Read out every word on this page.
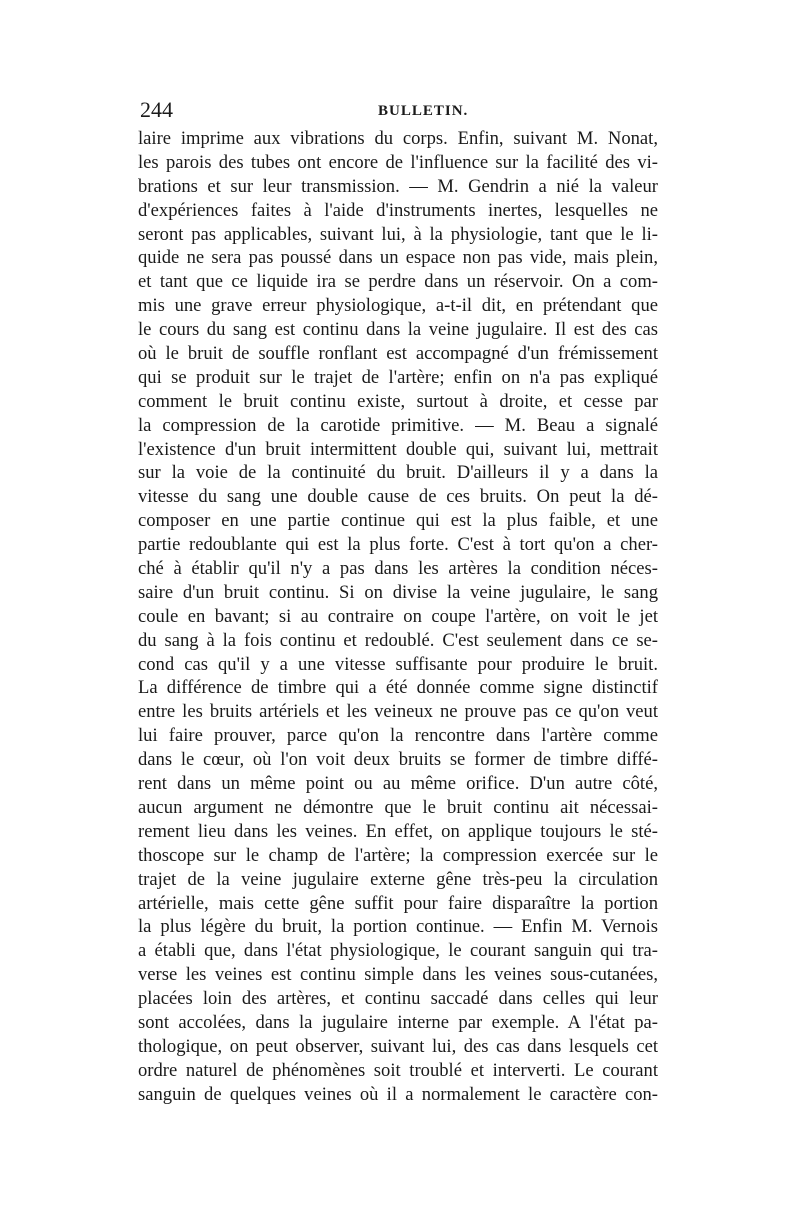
244	BULLETIN.
laire imprime aux vibrations du corps. Enfin, suivant M. Nonat,
les parois des tubes ont encore de l'influence sur la facilité des vi-
brations et sur leur transmission. — M. Gendrin a nié la valeur
d'expériences faites à l'aide d'instruments inertes, lesquelles ne
seront pas applicables, suivant lui, à la physiologie, tant que le li-
quide ne sera pas poussé dans un espace non pas vide, mais plein,
et tant que ce liquide ira se perdre dans un réservoir. On a com-
mis une grave erreur physiologique, a-t-il dit, en prétendant que
le cours du sang est continu dans la veine jugulaire. Il est des cas
où le bruit de souffle ronflant est accompagné d'un frémissement
qui se produit sur le trajet de l'artère; enfin on n'a pas expliqué
comment le bruit continu existe, surtout à droite, et cesse par
la compression de la carotide primitive. — M. Beau a signalé
l'existence d'un bruit intermittent double qui, suivant lui, mettrait
sur la voie de la continuité du bruit. D'ailleurs il y a dans la
vitesse du sang une double cause de ces bruits. On peut la dé-
composer en une partie continue qui est la plus faible, et une
partie redoublante qui est la plus forte. C'est à tort qu'on a cher-
ché à établir qu'il n'y a pas dans les artères la condition néces-
saire d'un bruit continu. Si on divise la veine jugulaire, le sang
coule en bavant; si au contraire on coupe l'artère, on voit le jet
du sang à la fois continu et redoublé. C'est seulement dans ce se-
cond cas qu'il y a une vitesse suffisante pour produire le bruit.
La différence de timbre qui a été donnée comme signe distinctif
entre les bruits artériels et les veineux ne prouve pas ce qu'on veut
lui faire prouver, parce qu'on la rencontre dans l'artère comme
dans le cœur, où l'on voit deux bruits se former de timbre diffé-
rent dans un même point ou au même orifice. D'un autre côté,
aucun argument ne démontre que le bruit continu ait nécessai-
rement lieu dans les veines. En effet, on applique toujours le sté-
thoscope sur le champ de l'artère; la compression exercée sur le
trajet de la veine jugulaire externe gêne très-peu la circulation
artérielle, mais cette gêne suffit pour faire disparaître la portion
la plus légère du bruit, la portion continue. — Enfin M. Vernois
a établi que, dans l'état physiologique, le courant sanguin qui tra-
verse les veines est continu simple dans les veines sous-cutanées,
placées loin des artères, et continu saccadé dans celles qui leur
sont accolées, dans la jugulaire interne par exemple. A l'état pa-
thologique, on peut observer, suivant lui, des cas dans lesquels cet
ordre naturel de phénomènes soit troublé et interverti. Le courant
sanguin de quelques veines où il a normalement le caractère con-
